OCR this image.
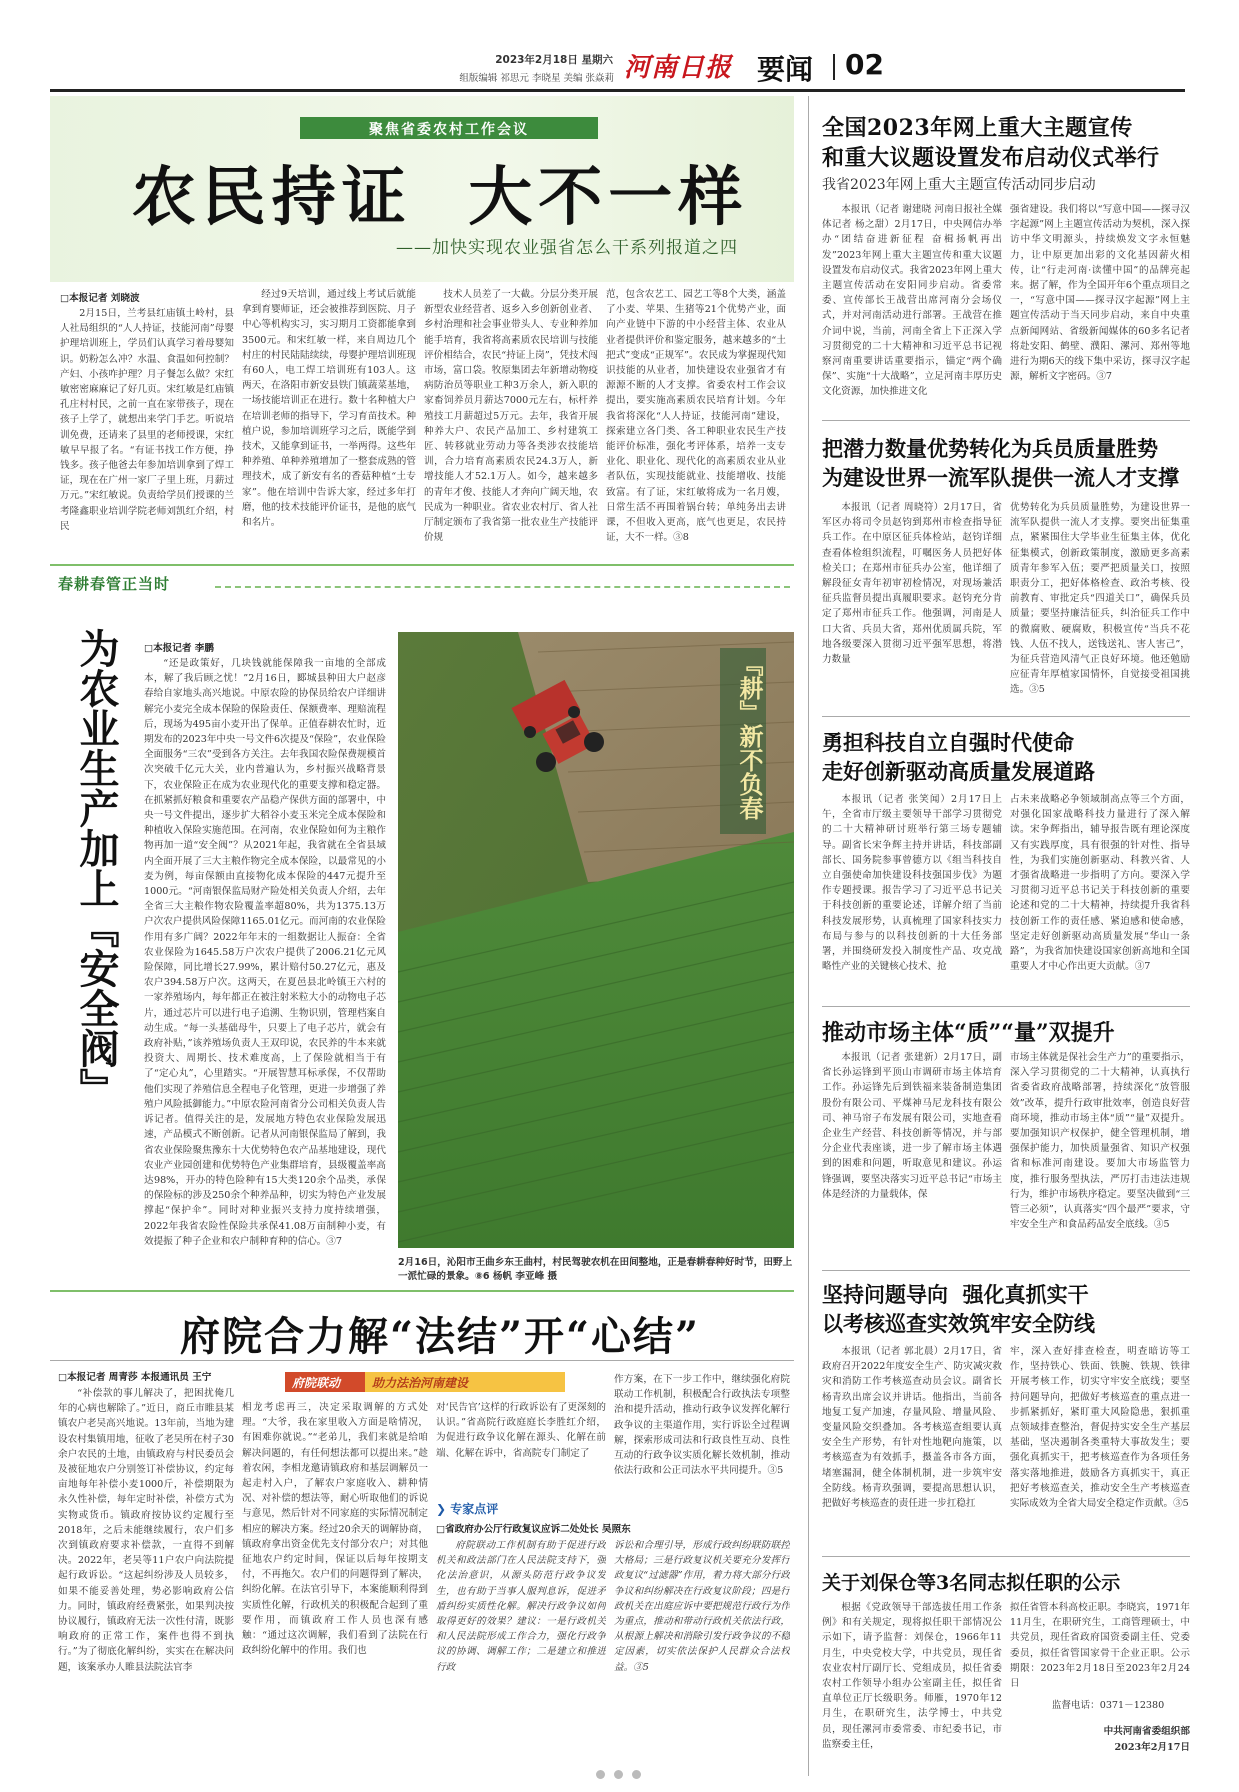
2023年2月18日 星期六
组版编辑 祁思元 李晓星 美编 张焱莉 河南日报 要闻 02
聚焦省委农村工作会议
农民持证  大不一样
——加快实现农业强省怎么干系列报道之四
□本报记者 刘晓波
2月15日，兰考县红庙镇土岭村，县人社局组织的“人人持证，技能河南”母婴护理培训班上，学员们认真学习着母婴知识。奶粉怎么冲？水温、食温如何控制？产妇、小孩咋护理？月子餐怎么做？宋红敏密密麻麻记了好几页。宋红敏是红庙镇孔庄村村民，之前一直在家带孩子，现在孩子上学了，就想出来学门手艺。听说培训免费，还请来了县里的老师授课，宋红敏早早报了名。“有证书找工作方便，挣钱多。孩子他爸去年参加培训拿到了焊工证，现在在广州一家厂子里上班，月薪过万元。”宋红敏说。负责给学员们授课的兰考隆鑫职业培训学院老师刘凯红介绍，村民
经过9天培训，通过线上考试后就能拿到育婴师证，还会被推荐到医院、月子中心等机构实习，实习期月工资都能拿到3500元。和宋红敏一样，来自周边几个村庄的村民陆陆续续，母婴护理培训班现有60人，电工焊工培训班有103人。这两天，在洛阳市新安县铁门镇蔬菜基地，一场技能培训正在进行。数十名种植大户在培训老师的指导下，学习育苗技术。种植户说，参加培训班学习之后，既能学到技术，又能拿到证书，一举两得。这些年种养殖、单种养殖增加了一整套成熟的管理技术，成了新安有名的香菇种植“土专家”。他在培训中告诉大家，经过多年打磨，他的技术技能评价证书，是他的底气和名片。
技术人员差了一大截。分层分类开展新型农业经营者、返乡入乡创新创业者、乡村治理和社会事业带头人、专业种养加能手培育，我省将高素质农民培训与技能评价相结合，农民“持证上岗”，凭技术闯市场，富口袋。牧原集团去年新增动物疫病防治员等职业工种3万余人，新入职的家畜饲养员月薪达7000元左右，标杆养殖技工月薪超过5万元。去年，我省开展种养大户、农民产品加工、乡村建筑工匠、转移就业劳动力等各类涉农技能培训，合力培育高素质农民24.3万人，新增技能人才52.1万人。如今，越来越多的青年才俊、技能人才奔向广阔天地，农民成为一种职业。省农业农村厅、省人社厅制定颁布了我省第一批农业生产技能评价规
范，包含农艺工、园艺工等8个大类，涵盖了小麦、苹果、生猪等21个优势产业，面向产业链中下游的中小经营主体、农业从业者提供评价和鉴定服务，越来越多的“土把式”变成“正规军”。农民成为掌握现代知识技能的从业者，加快建设农业强省才有源源不断的人才支撑。省委农村工作会议提出，要实施高素质农民培育计划。今年我省将深化“人人持证，技能河南”建设，探索建立各门类、各工种职业农民生产技能评价标准，强化考评体系，培养一支专业化、职业化、现代化的高素质农业从业者队伍，实现技能就业、技能增收、技能致富。有了证，宋红敏将成为一名月嫂，日常生活不再围着锅台转；单纯务出去讲课，不但收入更高，底气也更足，农民持证，大不一样。③8
春耕春管正当时
为农业生产加上『安全阀』	□本报记者 李鹏
“还是政策好，几块钱就能保障我一亩地的全部成本，解了我后顾之忧！”2月16日，郾城县种田大户赵彦春给自家地头高兴地说。中原农险的协保员给农户详细讲解完小麦完全成本保险的保险责任、保额费率、理赔流程后，现场为495亩小麦开出了保单。正值春耕农忙时，近期发布的2023年中央一号文件6次提及“保险”，农业保险全面服务“三农”受到各方关注。去年我国农险保费规模首次突破千亿元大关，业内普遍认为，乡村振兴战略背景下，农业保险正在成为农业现代化的重要支撑和稳定器。在抓紧抓好粮食和重要农产品稳产保供方面的部署中，中央一号文件提出，逐步扩大稻谷小麦玉米完全成本保险和种植收入保险实施范围。在河南，农业保险如何为主粮作物再加一道“安全阀”？从2021年起，我省就在全省县域内全面开展了三大主粮作物完全成本保险，以最常见的小麦为例，每亩保额由直接物化成本保险的447元提升至1000元。“河南银保监局财产险处相关负责人介绍，去年全省三大主粮作物农险覆盖率超80%，共为1375.13万户次农户提供风险保障1165.01亿元。而河南的农业保险作用有多广阔？2022年年末的一组数据让人振奋：全省农业保险为1645.58万户次农户提供了2006.21亿元风险保障，同比增长27.99%，累计赔付50.27亿元，惠及农户394.58万户次。这两天，在夏邑县北岭镇王六村的一家养殖场内，每年都正在被注射米粒大小的动物电子芯片，通过芯片可以进行电子追溯、生物识别，管理档案自动生成。“每一头基础母牛，只要上了电子芯片，就会有政府补贴，”该养殖场负责人王双印说，农民养的牛本来就投资大、周期长、技术难度高，上了保险就相当于有了“定心丸”，心里踏实。“开展智慧耳标承保，不仅帮助他们实现了养殖信息全程电子化管理，更进一步增强了养殖户风险抵御能力。”中原农险河南省分公司相关负责人告诉记者。值得关注的是，发展地方特色农业保险发展迅速，产品模式不断创新。记者从河南银保监局了解到，我省农业保险聚焦豫东十大优势特色农产品基地建设，现代农业产业园创建和优势特色产业集群培育，县级覆盖率高达98%，开办的特色险种有15大类120余个品类，承保的保险标的涉及250余个种养品种，切实为特色产业发展撑起“保护伞”。同时对种业振兴支持力度持续增强，2022年我省农险性保险共承保41.08万亩制种小麦，有效提振了种子企业和农户制种育种的信心。③7
『耕』新不负春
2月16日，沁阳市王曲乡东王曲村，村民驾驶农机在田间整地，正是春耕春种好时节，田野上一派忙碌的景象。⑧6 杨帆 李亚峰 摄
府院合力解“法结”开“心结”
□本报记者 周青莎 本报通讯员 王宁
“补偿款的事儿解决了，把困扰俺几年的心病也解除了。”近日，商丘市睢县某镇农户老吴高兴地说。13年前，当地为建设农村集镇用地，征收了老吴所在村子30余户农民的土地，由镇政府与村民委员会及被征地农户分别签订补偿协议，约定每亩地每年补偿小麦1000斤，补偿期限为永久性补偿，每年定时补偿，补偿方式为实物或货币。镇政府按协议约定履行至2018年，之后未能继续履行，农户们多次到镇政府要求补偿款，一直得不到解决。2022年，老吴等11户农户向法院提起行政诉讼。“这起纠纷涉及人员较多，如果不能妥善处理，势必影响政府公信力。同时，镇政府经费紧张，如果判决按协议履行，镇政府无法一次性付清，既影响政府的正常工作，案件也得不到执行。”为了彻底化解纠纷，实实在在解决问题，该案承办人睢县法院法官李
府院联动	助力法治河南建设
相龙考虑再三，决定采取调解的方式处理。“大爷，我在家里收入方面是啥情况，有困难你就说。”“老弟儿，我们来就是给咱解决问题的，有任何想法都可以提出来。”趁着农闲，李相龙邀请镇政府和基层调解员一起走村入户，了解农户家庭收入、耕种情况、对补偿的想法等，耐心听取他们的诉说与意见，然后针对不同家庭的实际情况制定相应的解决方案。经过20余天的调解协商，镇政府拿出资金优先支付部分农户；对其他征地农户约定时间，保证以后每年按期支付，不再拖欠。农户们的问题得到了解决，纠纷化解。在法官引导下，本案能顺利得到实质性化解，行政机关的积极配合起到了重要作用，而镇政府工作人员也深有感触：“通过这次调解，我们看到了法院在行政纠纷化解中的作用。我们也
对‘民告官’这样的行政诉讼有了更深刻的认识。”省高院行政庭庭长李胜红介绍，为促进行政争议化解在源头、化解在前端、化解在诉中，省高院专门制定了
作方案，在下一步工作中，继续强化府院联动工作机制，积极配合行政执法专项整治和提升活动，推动行政争议发挥化解行政争议的主渠道作用，实行诉讼全过程调解，探索形成司法和行政良性互动、良性互动的行政争议实质化解长效机制，推动依法行政和公正司法水平共同提升。③5
❯ 专家点评
□省政府办公厅行政复议应诉二处处长 吴照东
府院联动工作机制有助于促进行政机关和政法部门在人民法院支持下，强化法治意识，从源头防范行政争议发生，也有助于当事人服判息诉，促进矛盾纠纷实质性化解。解决行政争议如何取得更好的效果？建议：一是行政机关和人民法院形成工作合力，强化行政争议的协调、调解工作；二是建立和推进行政
诉讼和合理引导，形成行政纠纷联防联控大格局；三是行政复议机关要充分发挥行政复议“过滤器”作用，着力将大部分行政争议和纠纷解决在行政复议阶段；四是行政机关在出庭应诉中要把规范行政行为作为重点，推动和带动行政机关依法行政，从根源上解决和消除引发行政争议的不稳定因素，切实依法保护人民群众合法权益。③5
全国2023年网上重大主题宣传
和重大议题设置发布启动仪式举行
我省2023年网上重大主题宣传活动同步启动
本报讯（记者 谢建晓 河南日报社全媒体记者 杨之甜）2月17日，中央网信办举办“团结奋进新征程 奋楫扬帆再出发”2023年网上重大主题宣传和重大议题设置发布启动仪式。我省2023年网上重大主题宣传活动在安阳同步启动。省委常委、宣传部长王战营出席河南分会场仪式，并对河南活动进行部署。王战营在推介词中说，当前，河南全省上下正深入学习贯彻党的二十大精神和习近平总书记视察河南重要讲话重要指示，锚定“两个确保”、实施“十大战略”，立足河南丰厚历史文化资源，加快推进文化
强省建设。我们将以“写意中国——探寻汉字起源”网上主题宣传活动为契机，深入探访中华文明源头，持续焕发文字永恒魅力，让中原更加出彩的文化基因薪火相传，让“行走河南·读懂中国”的品牌亮起来。据了解，作为全国开年6个重点项目之一，“写意中国——探寻汉字起源”网上主题宣传活动于当天同步启动，来自中央重点新闻网站、省级新闻媒体的60多名记者将赴安阳、鹤壁、濮阳、漯河、郑州等地进行为期6天的线下集中采访，探寻汉字起源，解析文字密码。③7
把潜力数量优势转化为兵员质量胜势
为建设世界一流军队提供一流人才支撑
本报讯（记者 周晓符）2月17日，省军区办将司令员赵钧到郑州市检查指导征兵工作。在中原区征兵体检站，赵钧详细查看体检组织流程，叮嘱医务人员把好体检关口；在郑州市征兵办公室，他详细了解段征女青年初审初检情况，对现场兼活征兵监督员提出真履职要求。赵钧充分肯定了郑州市征兵工作。他强调，河南是人口大省、兵员大省，郑州优质属兵院，军地各级要深入贯彻习近平强军思想，将潜力数量
优势转化为兵员质量胜势，为建设世界一流军队提供一流人才支撑。要突出征集重点，紧紧围住大学毕业生征集主体，优化征集模式，创新政策制度，激励更多高素质青年参军入伍；要严把质量关口，按照职责分工，把好体格检查、政治考核、役前教育、审批定兵“四道关口”，确保兵员质量；要坚持廉洁征兵，纠治征兵工作中的微腐败、硬腐败，积极宣传“当兵不花钱、人伍不找人，送钱送礼、害人害己”，为征兵营造风清气正良好环境。他还勉励应征青年厚植家国情怀，自觉接受祖国挑选。③5
勇担科技自立自强时代使命
走好创新驱动高质量发展道路
本报讯（记者 张笑闻）2月17日上午，全省市厅级主要领导干部学习贯彻党的二十大精神研讨班举行第三场专题辅导。副省长宋争辉主持并讲话，科技部副部长、国务院参事曾德方以《组当科技自立自强使命加快建设科技强国步伐》为题作专题授课。报告学习了习近平总书记关于科技创新的重要论述，详解介绍了当前科技发展形势，认真梳理了国家科技实力布局与参与的以科技创新的十大任务部署，并围绕研发投入制度性产品、攻克战略性产业的关键核心技术、抢
占未来战略必争领域制高点等三个方面，对强化国家战略科技力量进行了深入解读。宋争辉指出，辅导报告既有理论深度又有实践厚度，具有很强的针对性、指导性，为我们实施创新驱动、科教兴省、人才强省战略进一步指明了方向。要深入学习贯彻习近平总书记关于科技创新的重要论述和党的二十大精神，持续提升我省科技创新工作的责任感、紧迫感和使命感，坚定走好创新驱动高质量发展“华山一条路”，为我省加快建设国家创新高地和全国重要人才中心作出更大贡献。③7
推动市场主体“质”“量”双提升
本报讯（记者 张建新）2月17日，副省长孙运锋到平顶山市调研市场主体培育工作。孙运锋先后到铁福来装备制造集团股份有限公司、平煤神马尼龙科技有限公司、神马帘子布发展有限公司，实地查看企业生产经营、科技创新等情况，并与部分企业代表座谈，进一步了解市场主体遇到的困难和问题，听取意见和建议。孙运锋强调，要坚决落实习近平总书记“市场主体是经济的力量载体，保
市场主体就是保社会生产力”的重要指示，深入学习贯彻党的二十大精神，认真执行省委省政府战略部署，持续深化“放管服效”改革，提升行政审批效率，创造良好营商环境，推动市场主体“质”“量”双提升。要加强知识产权保护，健全管理机制，增强保护能力，加快质量强省、知识产权强省和标准河南建设。要加大市场监管力度，推行服务型执法，严厉打击违法违规行为，维护市场秩序稳定。要坚决做到“三管三必须”，认真落实“四个最严”要求，守牢安全生产和食品药品安全底线。③5
坚持问题导向  强化真抓实干
以考核巡查实效筑牢安全防线
本报讯（记者 郭北晨）2月17日，省政府召开2022年度安全生产、防灾减灾救灾和消防工作考核巡查动员会议。副省长杨青玖出席会议并讲话。他指出，当前各地复工复产加速，存量风险、增量风险、变量风险交织叠加。各考核巡查组要认真安全生产形势，有针对性地靶向施策，以考核巡查为有效抓手，摄盖各市各方面，堵塞漏洞，健全体制机制，进一步筑牢安全防线。杨青玖强调，要提高思想认识，把做好考核巡查的责任进一步扛稳扛
牢，深入查好排查检查，明查暗访等工作，坚持铁心、铁面、铁腕、铁规、铁律开展考核工作，切实守牢安全底线；要坚持问题导向，把做好考核巡查的重点进一步抓紧抓好，紧盯重大风险隐患，狠抓重点领域排查整治，督促持实安全生产基层基础，坚决遏制各类重特大事故发生；要强化真抓实干，把考核巡查作为各项任务落实落地推进，鼓励各方真抓实干，真正把好考核巡查关，推动安全生产考核巡查实际成效为全省大局安全稳定作贡献。③5
关于刘保仓等3名同志拟任职的公示
根据《党政领导干部选拔任用工作条例》和有关规定，现将拟任职干部情况公示如下，请予监督：刘保仓，1966年11月生，中央党校大学，中共党员，现任省农业农村厅副厅长、党组成员，拟任省委农村工作领导小组办公室副主任，拟任省直单位正厅长级职务。师雁，1970年12月生，在职研究生，法学博士，中共党员，现任漯河市委常委、市纪委书记，市监察委主任，
拟任省管本科高校正职。李晓宾，1971年11月生，在职研究生，工商管理硕士，中共党员，现任省政府国资委副主任、党委委员，拟任省管国家骨干企业正职。公示期限：2023年2月18日至2023年2月24日
监督电话：0371－12380
中共河南省委组织部
2023年2月17日
